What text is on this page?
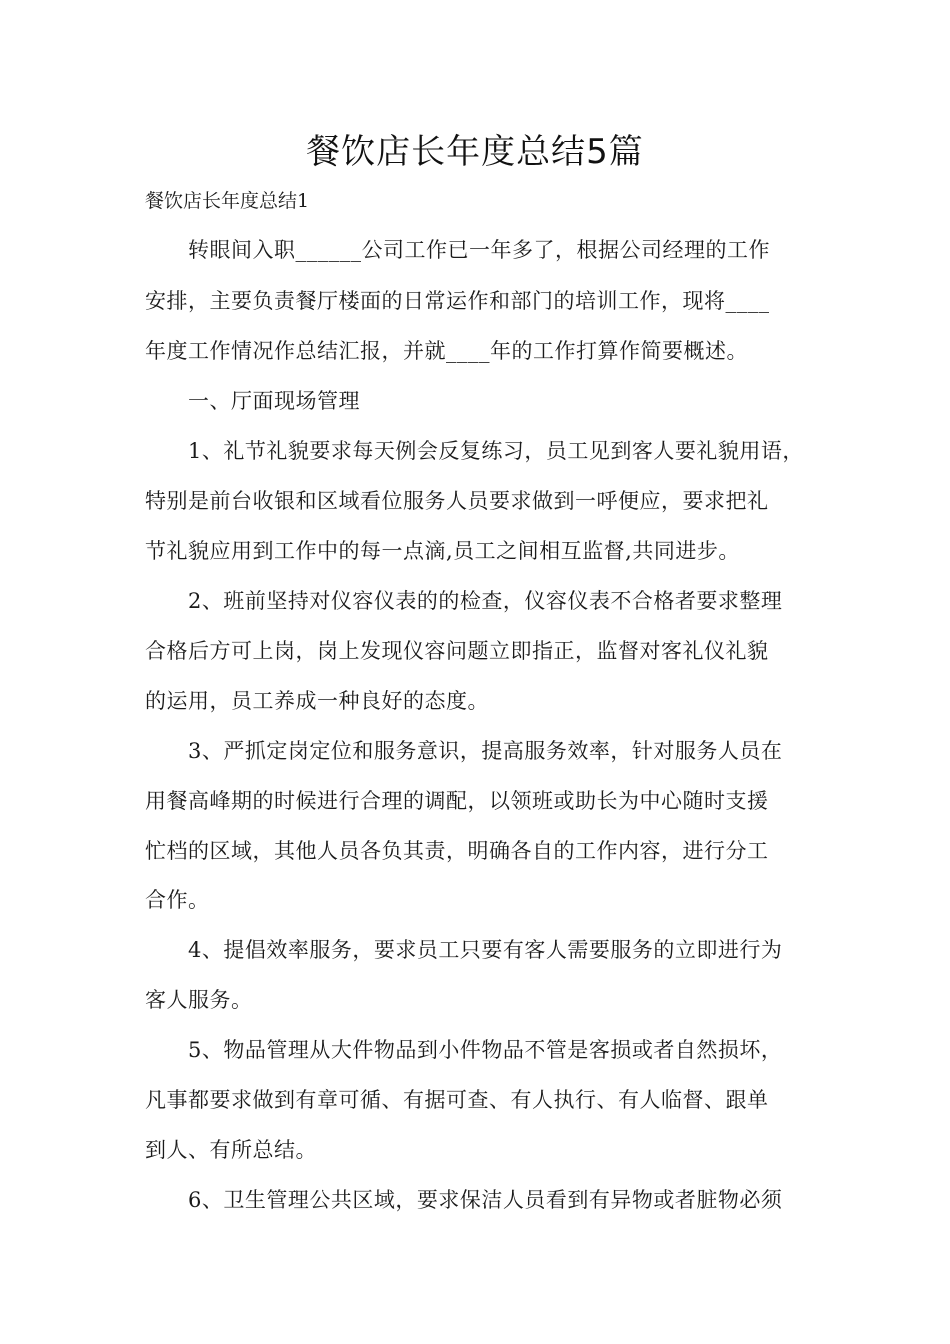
餐饮店长年度总结5篇
餐饮店长年度总结1
转眼间入职______公司工作已一年多了，根据公司经理的工作
安排，主要负责餐厅楼面的日常运作和部门的培训工作，现将____
年度工作情况作总结汇报，并就____年的工作打算作简要概述。
一、厅面现场管理
1、礼节礼貌要求每天例会反复练习，员工见到客人要礼貌用语，
特别是前台收银和区域看位服务人员要求做到一呼便应，要求把礼
节礼貌应用到工作中的每一点滴,员工之间相互监督,共同进步。
2、班前坚持对仪容仪表的的检查，仪容仪表不合格者要求整理
合格后方可上岗，岗上发现仪容问题立即指正，监督对客礼仪礼貌
的运用，员工养成一种良好的态度。
3、严抓定岗定位和服务意识，提高服务效率，针对服务人员在
用餐高峰期的时候进行合理的调配，以领班或助长为中心随时支援
忙档的区域，其他人员各负其责，明确各自的工作内容，进行分工
合作。
4、提倡效率服务，要求员工只要有客人需要服务的立即进行为
客人服务。
5、物品管理从大件物品到小件物品不管是客损或者自然损坏，
凡事都要求做到有章可循、有据可查、有人执行、有人临督、跟单
到人、有所总结。
6、卫生管理公共区域，要求保洁人员看到有异物或者脏物必须
